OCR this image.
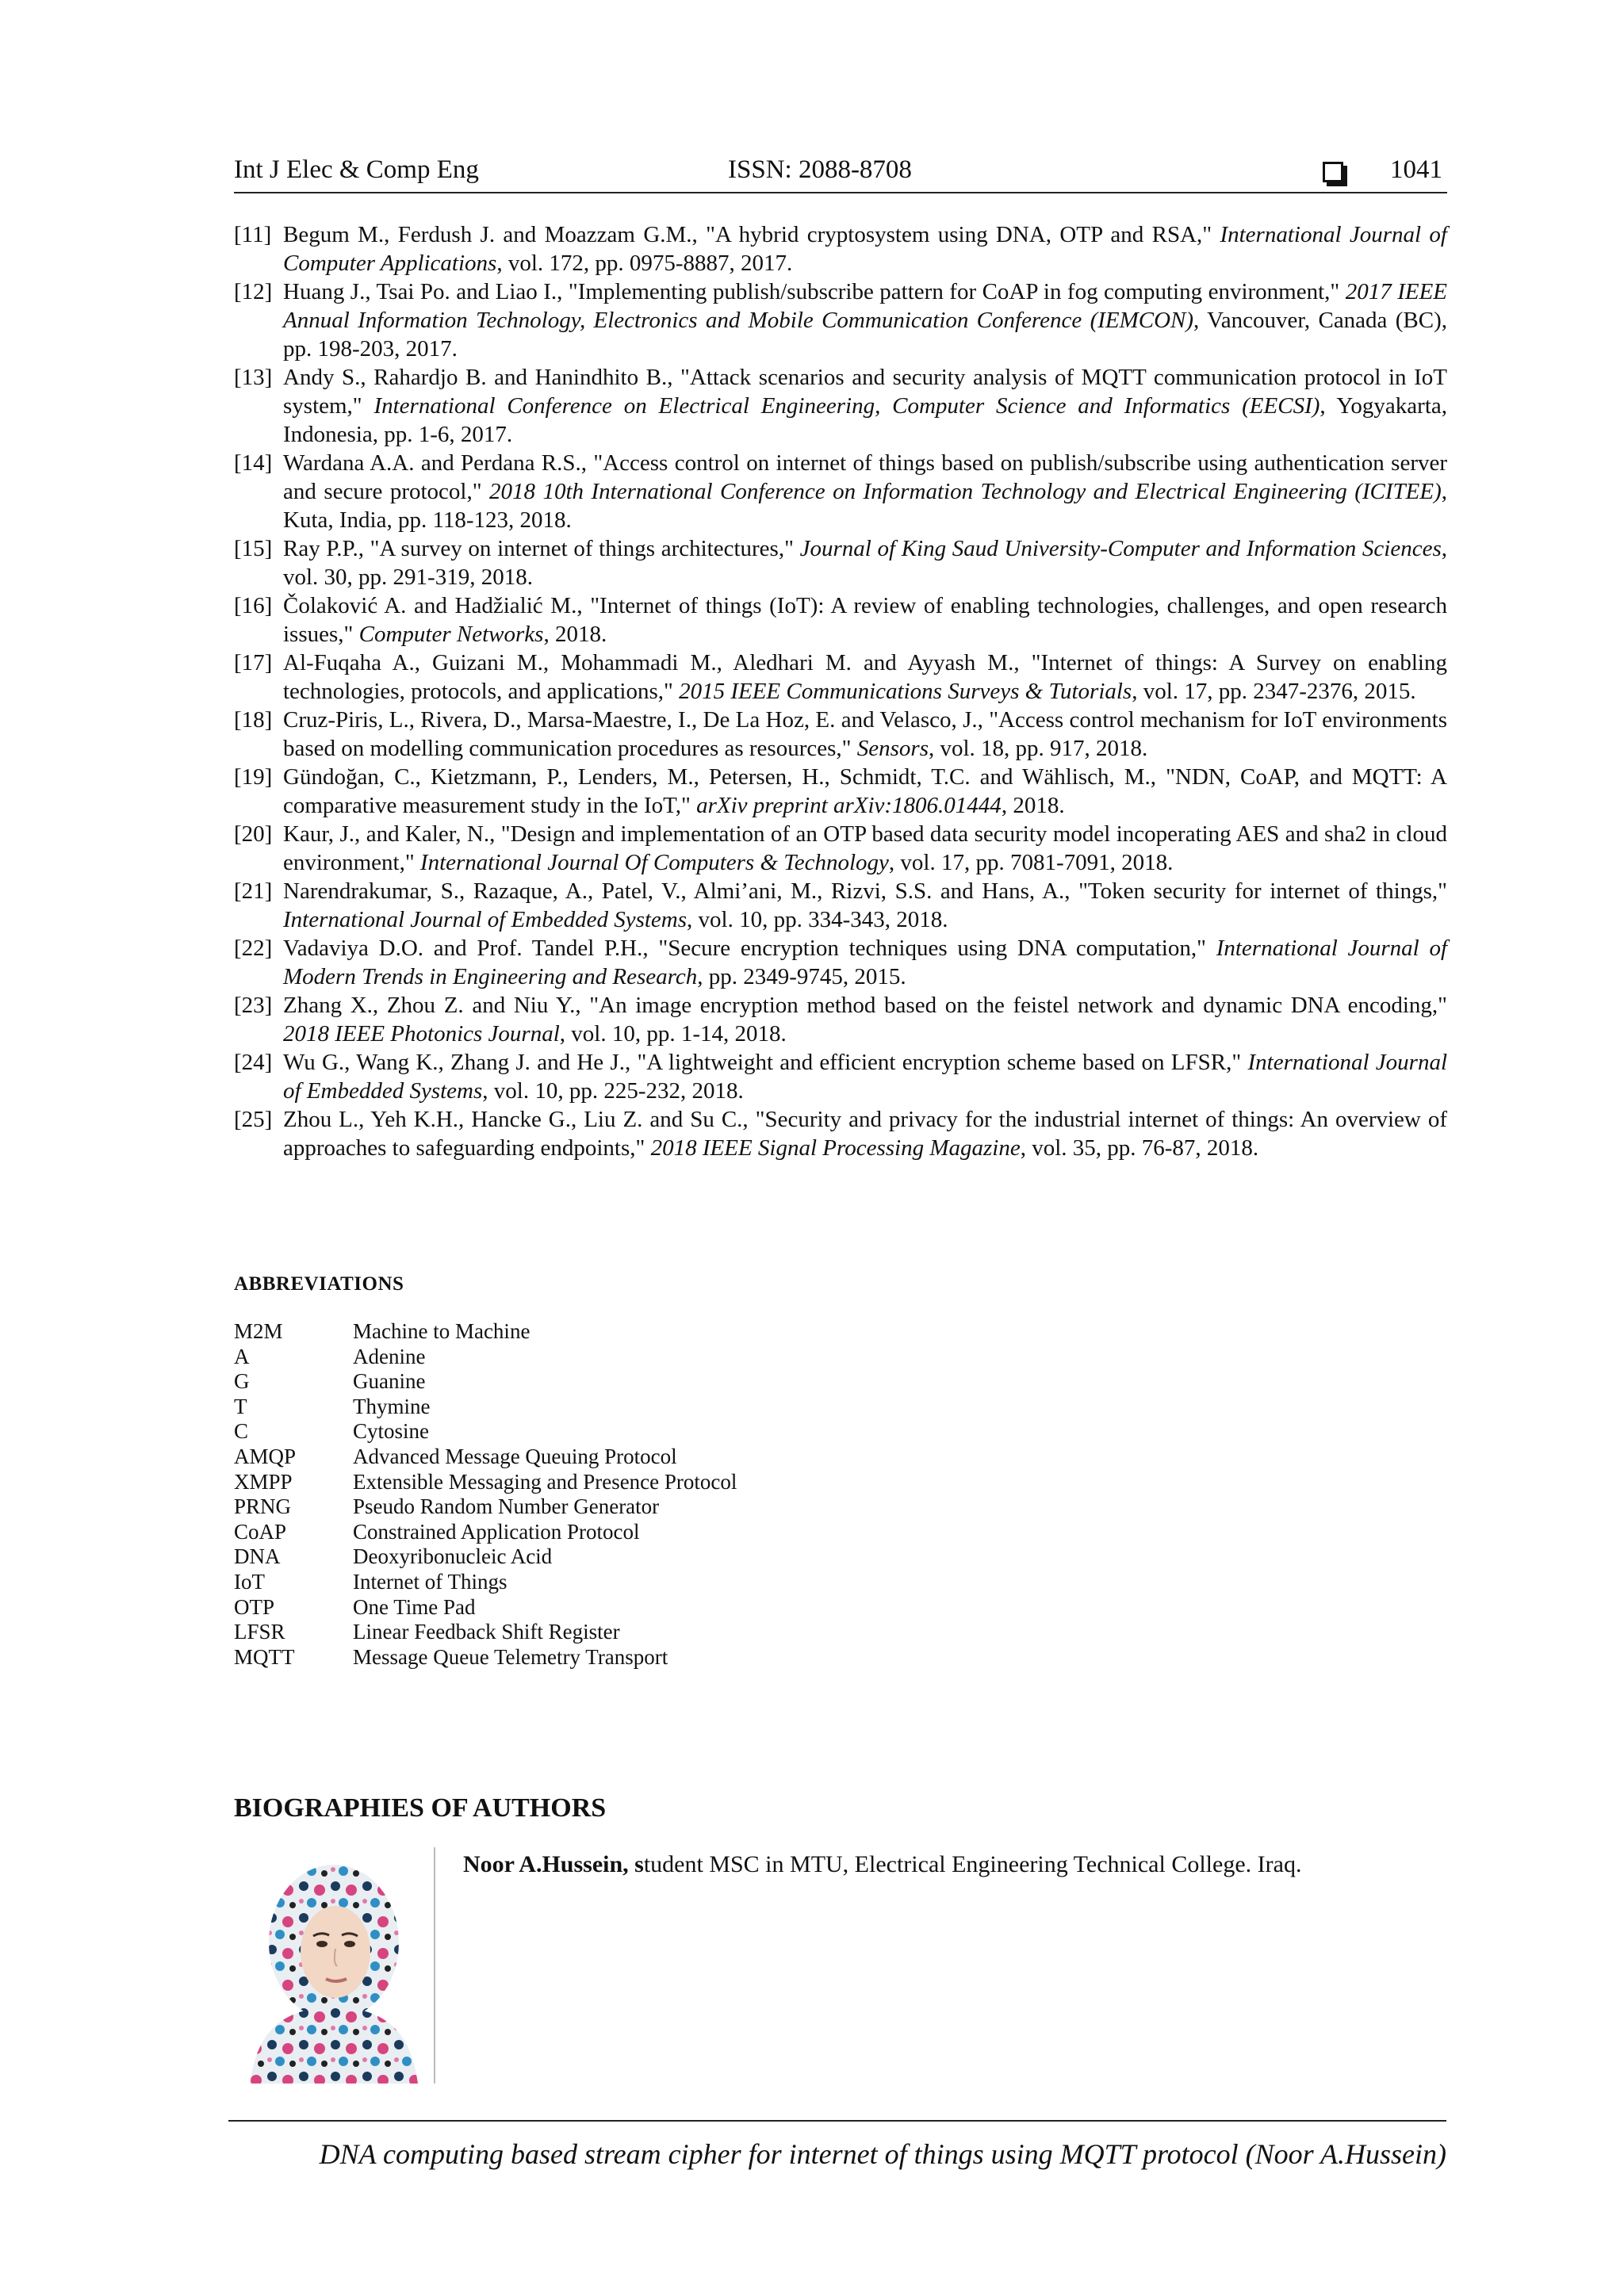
Int J Elec & Comp Eng	ISSN: 2088-8708	1041
[11] Begum M., Ferdush J. and Moazzam G.M., "A hybrid cryptosystem using DNA, OTP and RSA," International Journal of Computer Applications, vol. 172, pp. 0975-8887, 2017.
[12] Huang J., Tsai Po. and Liao I., "Implementing publish/subscribe pattern for CoAP in fog computing environment," 2017 IEEE Annual Information Technology, Electronics and Mobile Communication Conference (IEMCON), Vancouver, Canada (BC), pp. 198-203, 2017.
[13] Andy S., Rahardjo B. and Hanindhito B., "Attack scenarios and security analysis of MQTT communication protocol in IoT system," International Conference on Electrical Engineering, Computer Science and Informatics (EECSI), Yogyakarta, Indonesia, pp. 1-6, 2017.
[14] Wardana A.A. and Perdana R.S., "Access control on internet of things based on publish/subscribe using authentication server and secure protocol," 2018 10th International Conference on Information Technology and Electrical Engineering (ICITEE), Kuta, India, pp. 118-123, 2018.
[15] Ray P.P., "A survey on internet of things architectures," Journal of King Saud University-Computer and Information Sciences, vol. 30, pp. 291-319, 2018.
[16] Čolaković A. and Hadžialić M., "Internet of things (IoT): A review of enabling technologies, challenges, and open research issues," Computer Networks, 2018.
[17] Al-Fuqaha A., Guizani M., Mohammadi M., Aledhari M. and Ayyash M., "Internet of things: A Survey on enabling technologies, protocols, and applications," 2015 IEEE Communications Surveys & Tutorials, vol. 17, pp. 2347-2376, 2015.
[18] Cruz-Piris, L., Rivera, D., Marsa-Maestre, I., De La Hoz, E. and Velasco, J., "Access control mechanism for IoT environments based on modelling communication procedures as resources," Sensors, vol. 18, pp. 917, 2018.
[19] Gündoğan, C., Kietzmann, P., Lenders, M., Petersen, H., Schmidt, T.C. and Wählisch, M., "NDN, CoAP, and MQTT: A comparative measurement study in the IoT," arXiv preprint arXiv:1806.01444, 2018.
[20] Kaur, J., and Kaler, N., "Design and implementation of an OTP based data security model incoperating AES and sha2 in cloud environment," International Journal Of Computers & Technology, vol. 17, pp. 7081-7091, 2018.
[21] Narendrakumar, S., Razaque, A., Patel, V., Almi’ani, M., Rizvi, S.S. and Hans, A., "Token security for internet of things," International Journal of Embedded Systems, vol. 10, pp. 334-343, 2018.
[22] Vadaviya D.O. and Prof. Tandel P.H., "Secure encryption techniques using DNA computation," International Journal of Modern Trends in Engineering and Research, pp. 2349-9745, 2015.
[23] Zhang X., Zhou Z. and Niu Y., "An image encryption method based on the feistel network and dynamic DNA encoding," 2018 IEEE Photonics Journal, vol. 10, pp. 1-14, 2018.
[24] Wu G., Wang K., Zhang J. and He J., "A lightweight and efficient encryption scheme based on LFSR," International Journal of Embedded Systems, vol. 10, pp. 225-232, 2018.
[25] Zhou L., Yeh K.H., Hancke G., Liu Z. and Su C., "Security and privacy for the industrial internet of things: An overview of approaches to safeguarding endpoints," 2018 IEEE Signal Processing Magazine, vol. 35, pp. 76-87, 2018.
ABBREVIATIONS
M2M	Machine to Machine
A	Adenine
G	Guanine
T	Thymine
C	Cytosine
AMQP	Advanced Message Queuing Protocol
XMPP	Extensible Messaging and Presence Protocol
PRNG	Pseudo Random Number Generator
CoAP	Constrained Application Protocol
DNA	Deoxyribonucleic Acid
IoT	Internet of Things
OTP	One Time Pad
LFSR	Linear Feedback Shift Register
MQTT	Message Queue Telemetry Transport
BIOGRAPHIES OF AUTHORS
Noor A.Hussein, student MSC in MTU, Electrical Engineering Technical College. Iraq.
DNA computing based stream cipher for internet of things using MQTT protocol (Noor A.Hussein)
